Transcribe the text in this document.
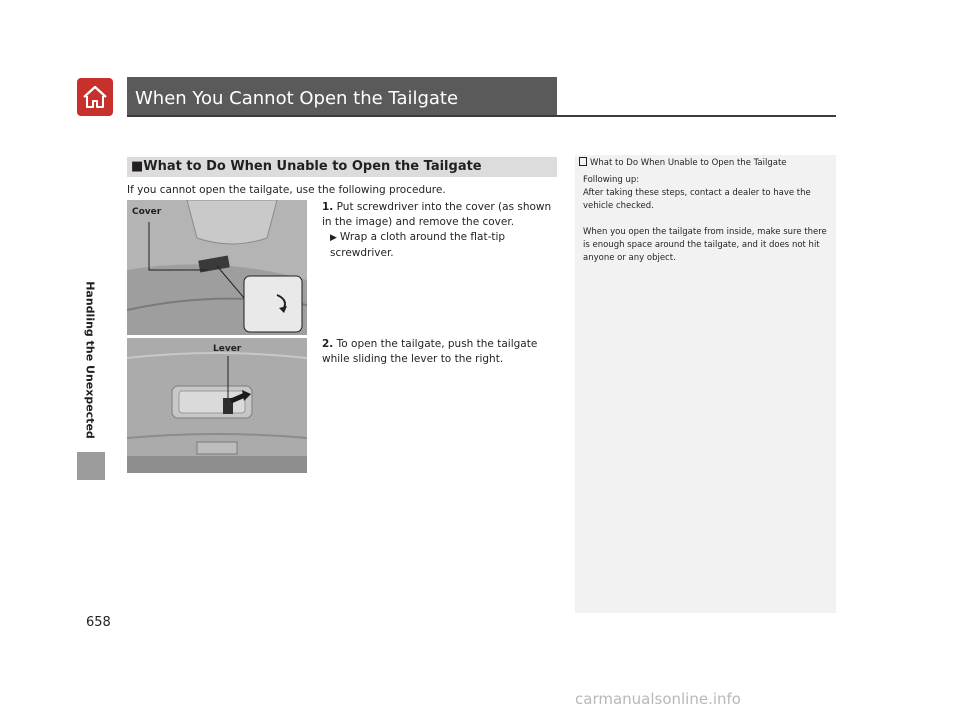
When You Cannot Open the Tailgate
Handling the Unexpected
658
■What to Do When Unable to Open the Tailgate
If you cannot open the tailgate, use the following procedure.
Cover
Lever
1. Put screwdriver into the cover (as shown in the image) and remove the cover.
▶ Wrap a cloth around the flat-tip screwdriver.
2. To open the tailgate, push the tailgate while sliding the lever to the right.
What to Do When Unable to Open the Tailgate

Following up:
After taking these steps, contact a dealer to have the vehicle checked.

When you open the tailgate from inside, make sure there is enough space around the tailgate, and it does not hit anyone or any object.

carmanualsonline.info
